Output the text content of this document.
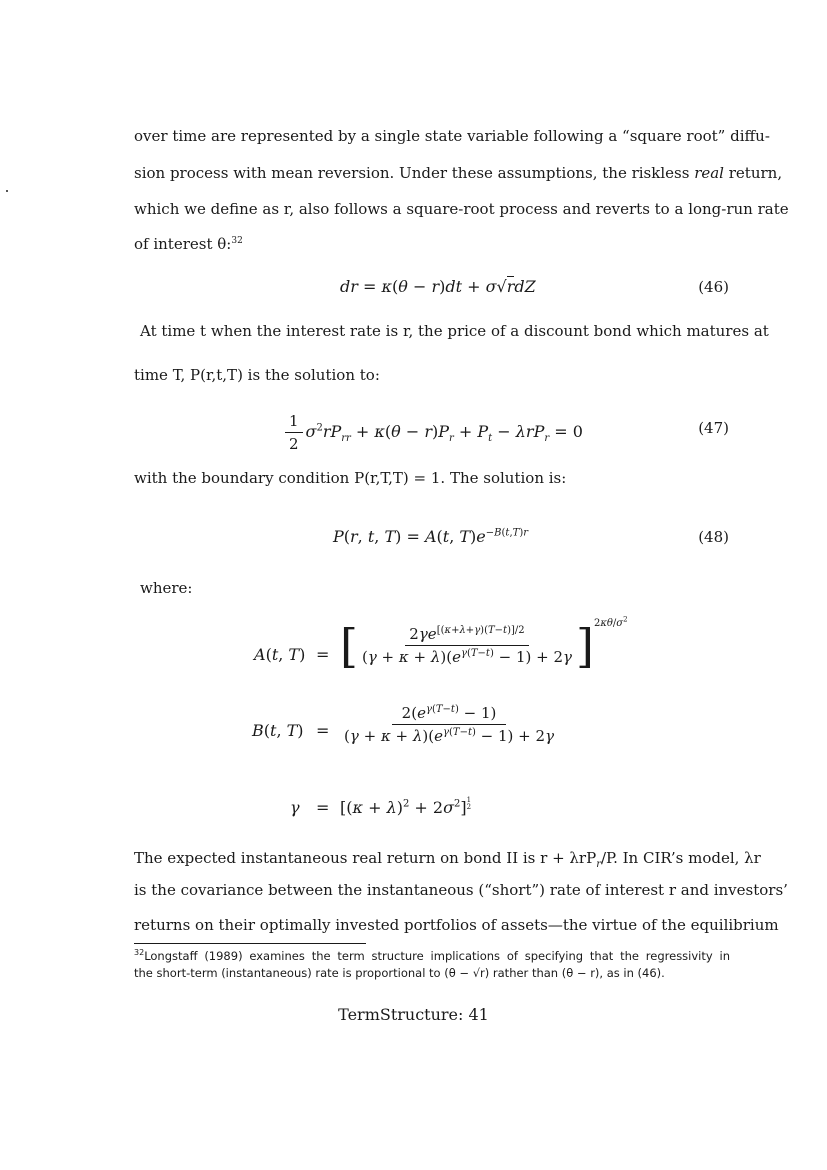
over time are represented by a single state variable following a “square root” diffu-
sion process with mean reversion. Under these assumptions, the riskless real return,
which we define as r, also follows a square-root process and reverts to a long-run rate
of interest θ:$^{32}$
dr = κ(θ − r)dt + σ√rdZ	(46)
At time t when the interest rate is r, the price of a discount bond which matures at
time T, P(r,t,T) is the solution to:
$\frac{1}{2} \sigma^2rP_{rr} + \kappa(\theta - r)P_r + P_t - \lambda rP_r = 0$	(47)
with the boundary condition P(r,T,T) = 1. The solution is:
P(r, t, T) = A(t, $T)e^{-B(t,T)r}$	(48)
where:
A(t, T) = [ $\frac{2\gamma e^{[(\kappa+\lambda+\gamma)(T-t)]/2}}{(\gamma + \kappa + \lambda)(e^{\gamma(T-t)} - 1) + 2\gamma} ]^{2\kappa\theta/\sigma^2}$
B(t, $T) = \frac{2(e^{\gamma(T-t)} - 1)}{(\gamma + \kappa + \lambda)(e^{\gamma(T-t)} - 1) + 2\gamma}$
$\gamma = [(\kappa + \lambda)^2 + 2\sigma^2]$ $^{1 2}$
The expected instantaneous real return on bond II is r + λrP$_r$/P. In CIR’s model, λr
is the covariance between the instantaneous (“short”) rate of interest r and investors’
returns on their optimally invested portfolios of assets—the virtue of the equilibrium
$^{32}$Longstaff (1989) examines the term structure implications of specifying that the regressivity in
the short-term (instantaneous) rate is proportional to (θ − √r) rather than (θ − r), as in (46).
TermStructure: 41
